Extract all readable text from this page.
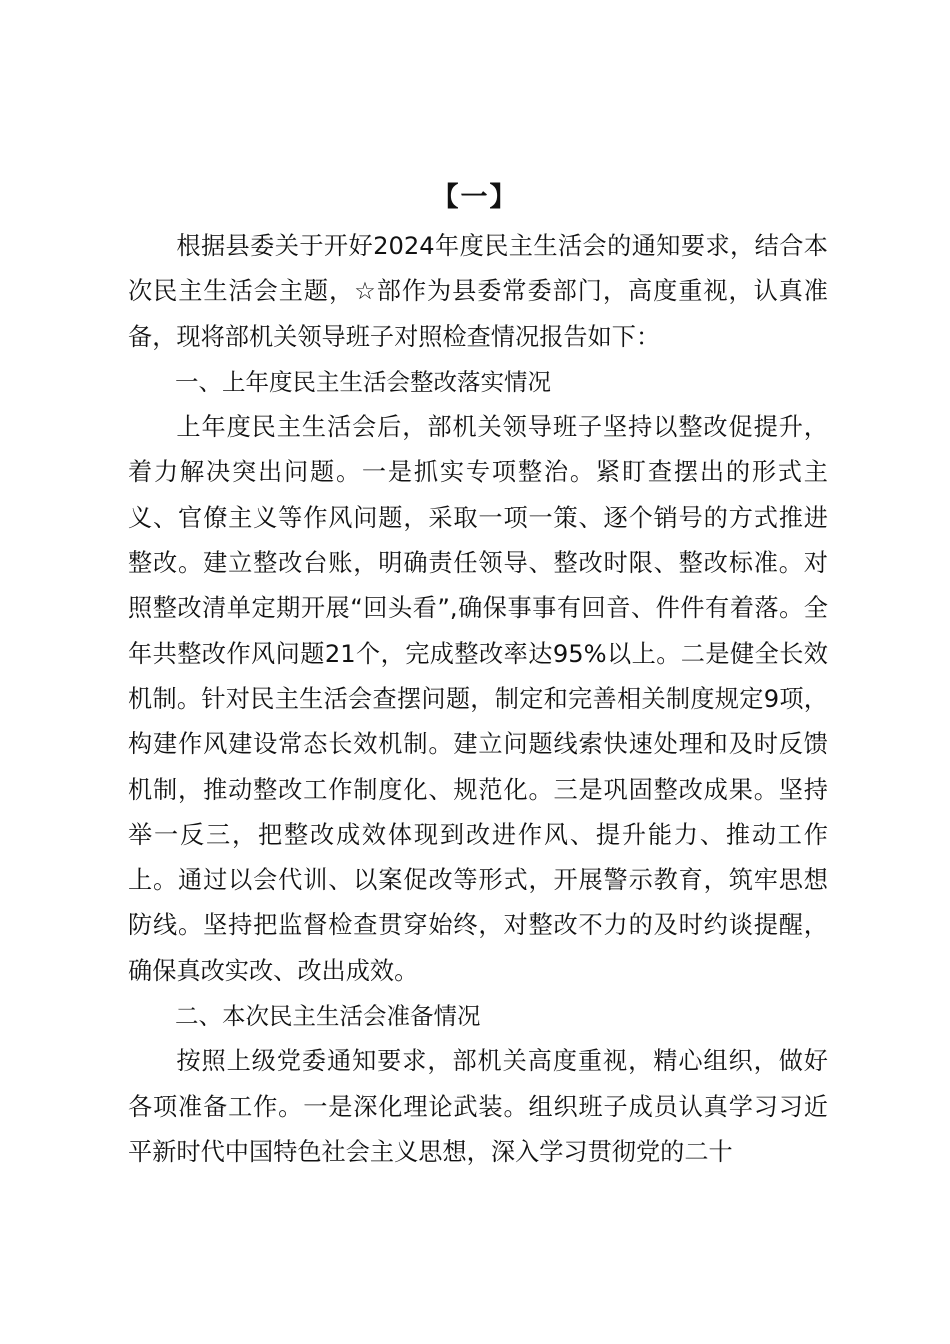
【一】

根据县委关于开好2024年度民主生活会的通知要求，结合本次民主生活会主题，☆部作为县委常委部门，高度重视，认真准备，现将部机关领导班子对照检查情况报告如下：

一、上年度民主生活会整改落实情况

上年度民主生活会后，部机关领导班子坚持以整改促提升，着力解决突出问题。一是抓实专项整治。紧盯查摆出的形式主义、官僚主义等作风问题，采取一项一策、逐个销号的方式推进整改。建立整改台账，明确责任领导、整改时限、整改标准。对照整改清单定期开展“回头看”,确保事事有回音、件件有着落。全年共整改作风问题21个，完成整改率达95%以上。二是健全长效机制。针对民主生活会查摆问题，制定和完善相关制度规定9项，构建作风建设常态长效机制。建立问题线索快速处理和及时反馈机制，推动整改工作制度化、规范化。三是巩固整改成果。坚持举一反三，把整改成效体现到改进作风、提升能力、推动工作上。通过以会代训、以案促改等形式，开展警示教育，筑牢思想防线。坚持把监督检查贯穿始终，对整改不力的及时约谈提醒，确保真改实改、改出成效。

二、本次民主生活会准备情况

按照上级党委通知要求，部机关高度重视，精心组织，做好各项准备工作。一是深化理论武装。组织班子成员认真学习习近平新时代中国特色社会主义思想，深入学习贯彻党的二十
